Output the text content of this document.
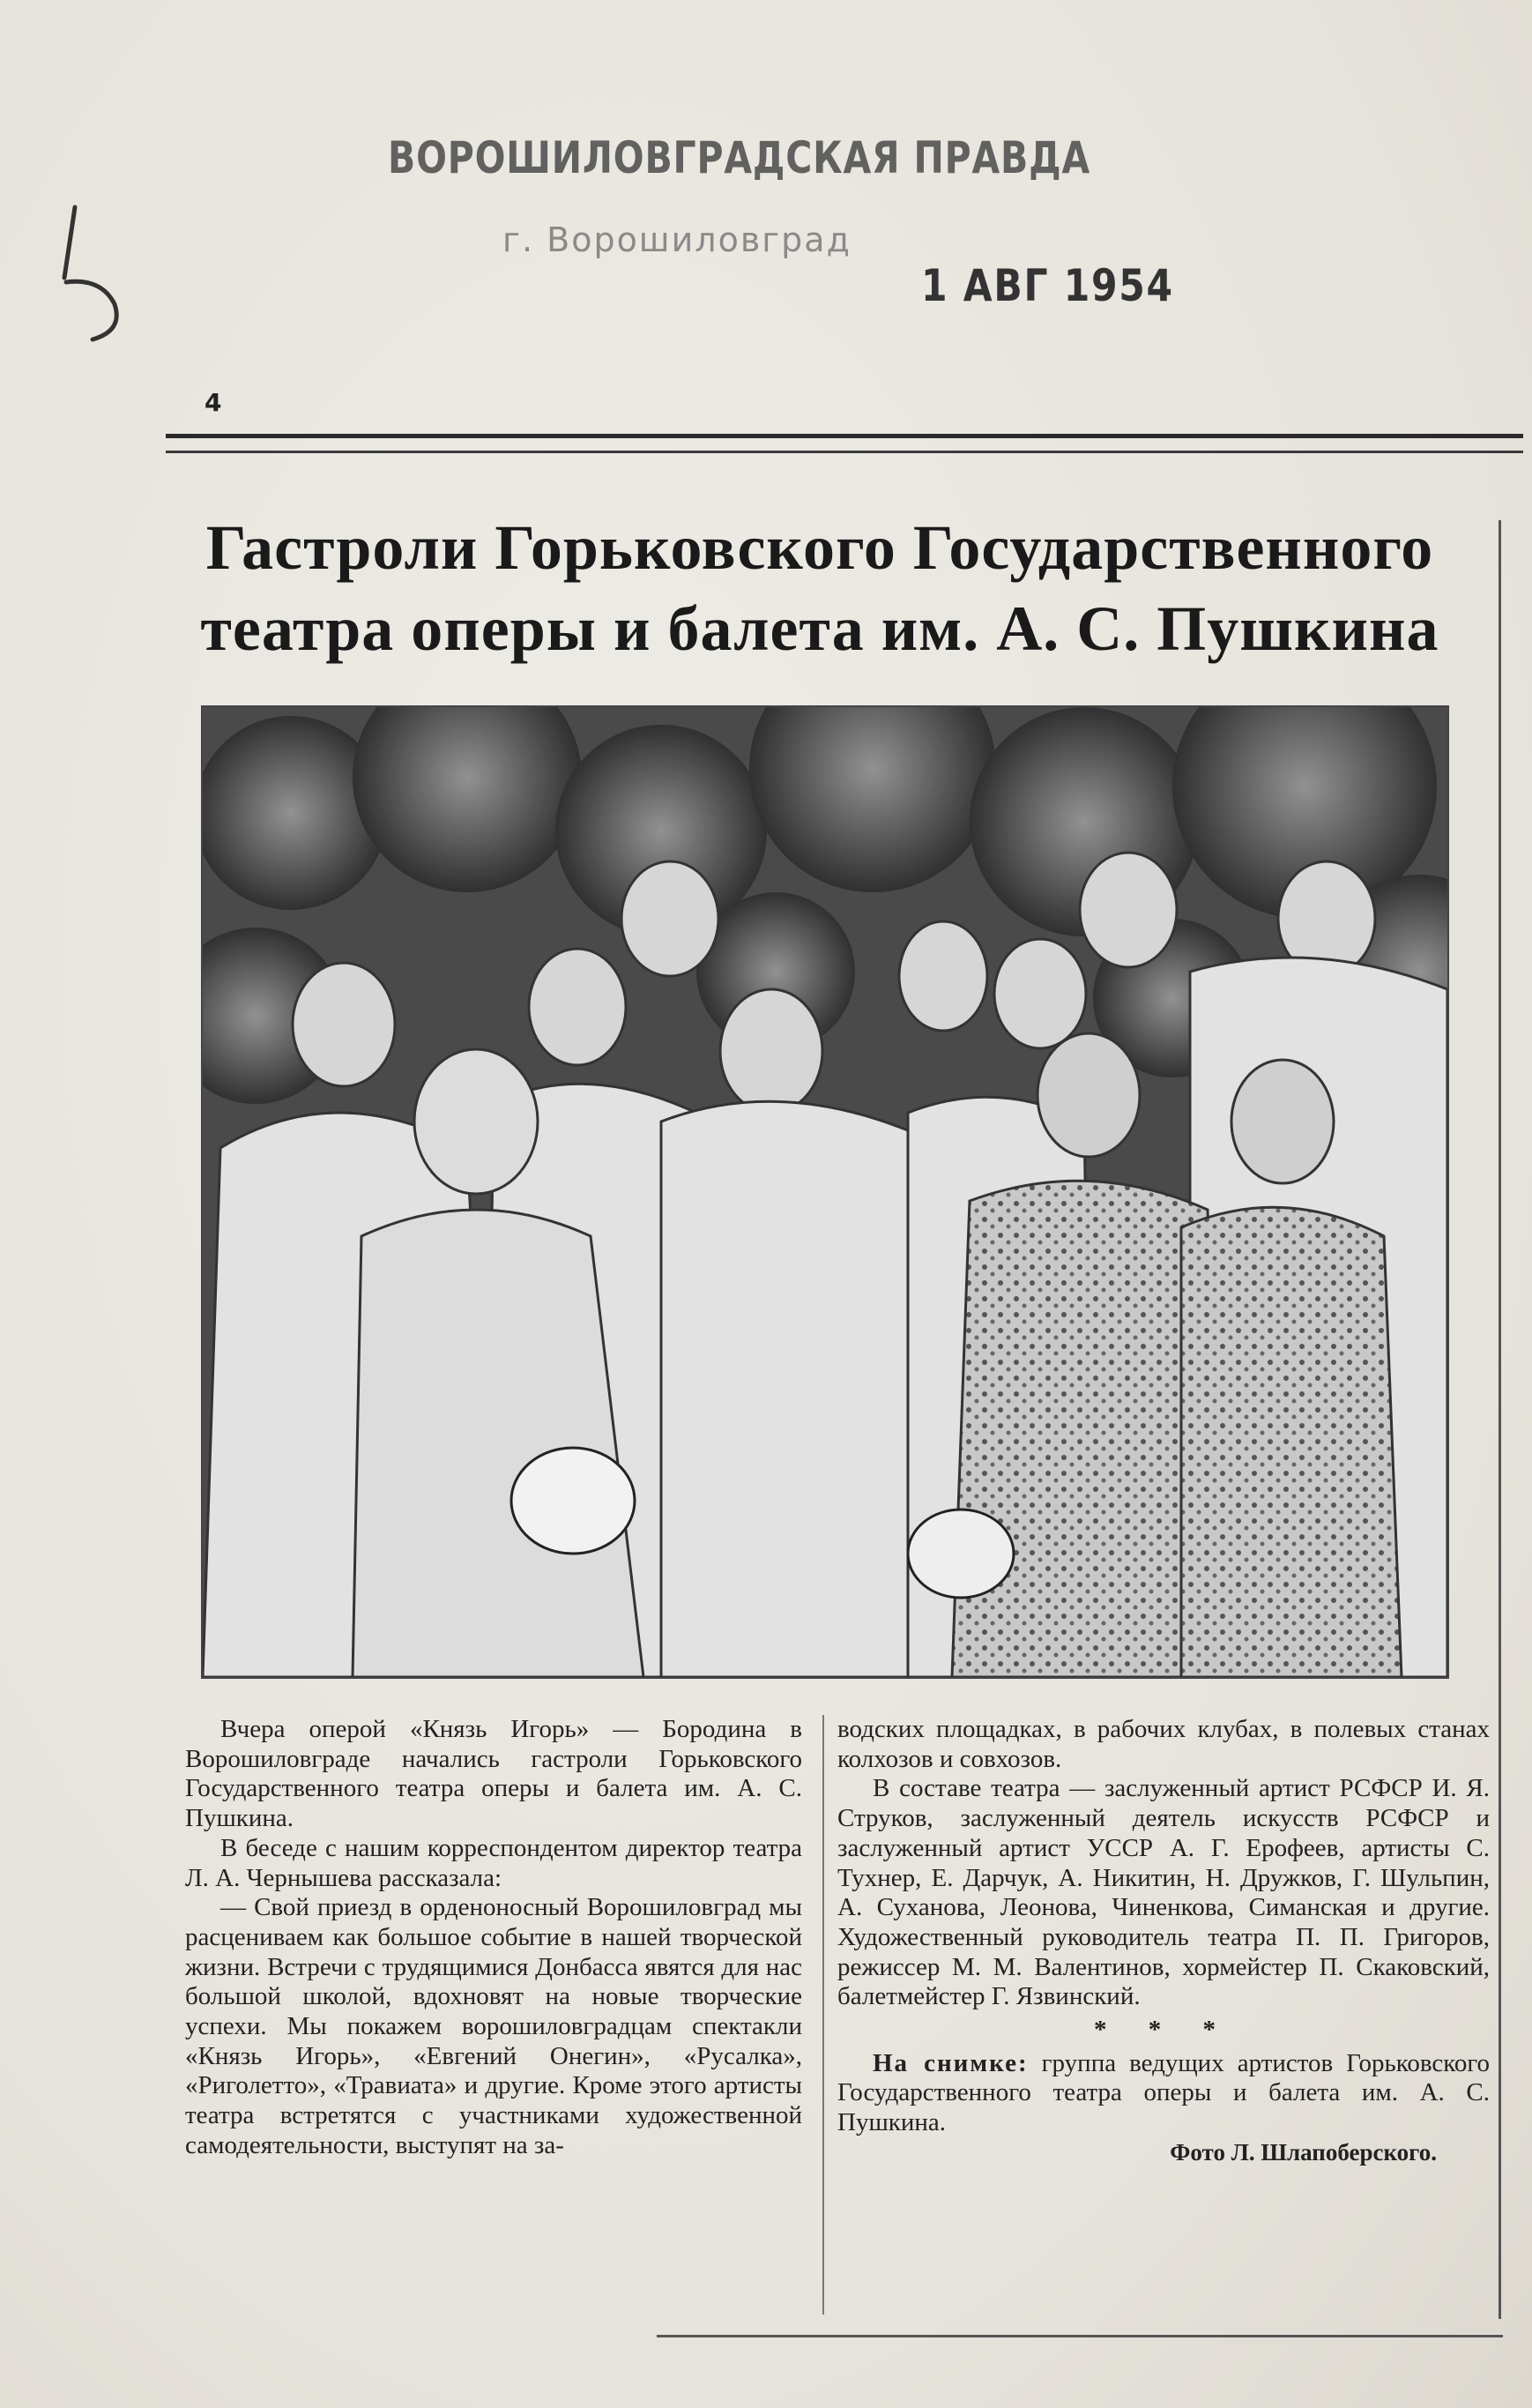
ВОРОШИЛОВГРАДСКАЯ ПРАВДА
г. Ворошиловград
1 АВГ 1954
4
Гастроли Горьковского Государственного
театра оперы и балета им. А. С. Пушкина

Вчера оперой «Князь Игорь» — Бородина в Ворошиловграде начались гастроли Горьковского Государственного театра оперы и балета им. А. С. Пушкина.

В беседе с нашим корреспондентом директор театра Л. А. Чернышева рассказала:

— Свой приезд в орденоносный Ворошиловград мы расцениваем как большое событие в нашей творческой жизни. Встречи с трудящимися Донбасса явятся для нас большой школой, вдохновят на новые творческие успехи. Мы покажем ворошиловградцам спектакли «Князь Игорь», «Евгений Онегин», «Русалка», «Риголетто», «Травиата» и другие. Кроме этого артисты театра встретятся с участниками художественной самодеятельности, выступят на за-

водских площадках, в рабочих клубах, в полевых станах колхозов и совхозов.

В составе театра — заслуженный артист РСФСР И. Я. Струков, заслуженный деятель искусств РСФСР и заслуженный артист УССР А. Г. Ерофеев, артисты С. Тухнер, Е. Дарчук, А. Никитин, Н. Дружков, Г. Шульпин, А. Суханова, Леонова, Чиненкова, Симанская и другие. Художественный руководитель театра П. П. Григоров, режиссер М. М. Валентинов, хормейстер П. Скаковский, балетмейстер Г. Язвинский.

* * *

На снимке: группа ведущих артистов Горьковского Государственного театра оперы и балета им. А. С. Пушкина.

Фото Л. Шлапоберского.
